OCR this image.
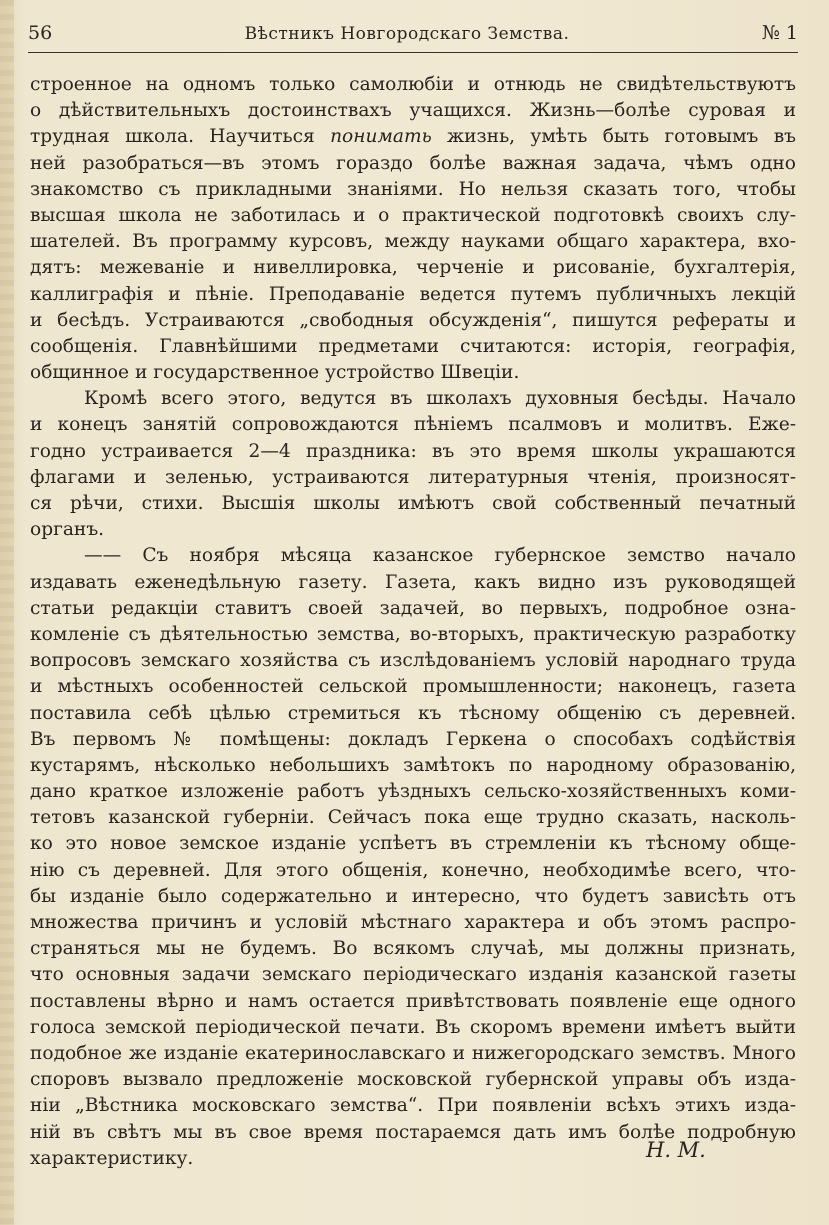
56	Вѣстникъ Новгородскаго Земства.	№ 1
строенное на одномъ только самолюбіи и отнюдь не свидѣтельствуютъ
о дѣйствительныхъ достоинствахъ учащихся. Жизнь—болѣе суровая и
трудная школа. Научиться понимать жизнь, умѣть быть готовымъ въ
ней разобраться—въ этомъ гораздо болѣе важная задача, чѣмъ одно
знакомство съ прикладными знаніями. Но нельзя сказать того, чтобы
высшая школа не заботилась и о практической подготовкѣ своихъ слу-
шателей. Въ программу курсовъ, между науками общаго характера, вхо-
дятъ: межеваніе и нивеллировка, черченіе и рисованіе, бухгалтерія,
каллиграфія и пѣніе. Преподаваніе ведется путемъ публичныхъ лекцій
и бесѣдъ. Устраиваются „свободныя обсужденія“, пишутся рефераты и
сообщенія. Главнѣйшими предметами считаются: исторія, географія,
общинное и государственное устройство Швеціи.
Кромѣ всего этого, ведутся въ школахъ духовныя бесѣды. Начало
и конецъ занятій сопровождаются пѣніемъ псалмовъ и молитвъ. Еже-
годно устраивается 2—4 праздника: въ это время школы украшаются
флагами и зеленью, устраиваются литературныя чтенія, произносят-
ся рѣчи, стихи. Высшія школы имѣютъ свой собственный печатный
органъ.
—— Съ ноября мѣсяца казанское губернское земство начало
издавать еженедѣльную газету. Газета, какъ видно изъ руководящей
статьи редакціи ставитъ своей задачей, во первыхъ, подробное озна-
комленіе съ дѣятельностью земства, во-вторыхъ, практическую разработку
вопросовъ земскаго хозяйства съ изслѣдованіемъ условій народнаго труда
и мѣстныхъ особенностей сельской промышленности; наконецъ, газета
поставила себѣ цѣлью стремиться къ тѣсному общенію съ деревней.
Въ первомъ № помѣщены: докладъ Геркена о способахъ содѣйствія
кустарямъ, нѣсколько небольшихъ замѣтокъ по народному образованію,
дано краткое изложеніе работъ уѣздныхъ сельско-хозяйственныхъ коми-
тетовъ казанской губерніи. Сейчасъ пока еще трудно сказать, насколь-
ко это новое земское изданіе успѣетъ въ стремленіи къ тѣсному обще-
нію съ деревней. Для этого общенія, конечно, необходимѣе всего, что-
бы изданіе было содержательно и интересно, что будетъ зависѣть отъ
множества причинъ и условій мѣстнаго характера и объ этомъ распро-
страняться мы не будемъ. Во всякомъ случаѣ, мы должны признать,
что основныя задачи земскаго періодическаго изданія казанской газеты
поставлены вѣрно и намъ остается привѣтствовать появленіе еще одного
голоса земской періодической печати. Въ скоромъ времени имѣетъ выйти
подобное же изданіе екатеринославскаго и нижегородскаго земствъ. Много
споровъ вызвало предложеніе московской губернской управы объ изда-
ніи „Вѣстника московскаго земства“. При появленіи всѣхъ этихъ изда-
ній въ свѣтъ мы въ свое время постараемся дать имъ болѣе подробную
характеристику.	Н. М.
